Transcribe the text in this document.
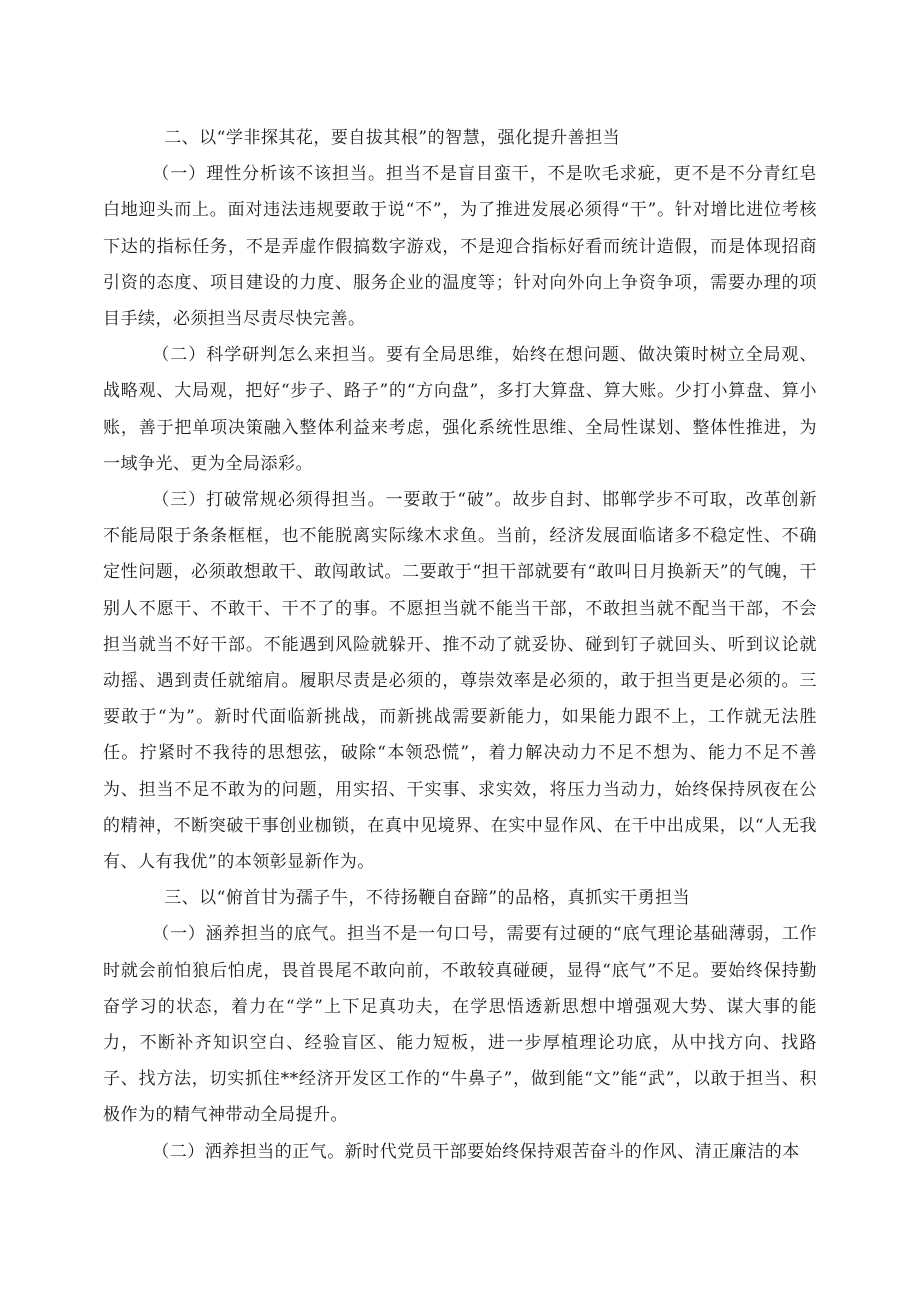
二、以“学非探其花，要自拔其根”的智慧，强化提升善担当

（一）理性分析该不该担当。担当不是盲目蛮干，不是吹毛求疵，更不是不分青红皂白地迎头而上。面对违法违规要敢于说“不”，为了推进发展必须得“干”。针对增比进位考核下达的指标任务，不是弄虚作假搞数字游戏，不是迎合指标好看而统计造假，而是体现招商引资的态度、项目建设的力度、服务企业的温度等；针对向外向上争资争项，需要办理的项目手续，必须担当尽责尽快完善。

（二）科学研判怎么来担当。要有全局思维，始终在想问题、做决策时树立全局观、战略观、大局观，把好“步子、路子”的“方向盘”，多打大算盘、算大账。少打小算盘、算小账，善于把单项决策融入整体利益来考虑，强化系统性思维、全局性谋划、整体性推进，为一域争光、更为全局添彩。

（三）打破常规必须得担当。一要敢于“破”。故步自封、邯郸学步不可取，改革创新不能局限于条条框框，也不能脱离实际缘木求鱼。当前，经济发展面临诸多不稳定性、不确定性问题，必须敢想敢干、敢闯敢试。二要敢于“担干部就要有“敢叫日月换新天”的气魄，干别人不愿干、不敢干、干不了的事。不愿担当就不能当干部，不敢担当就不配当干部，不会担当就当不好干部。不能遇到风险就躲开、推不动了就妥协、碰到钉子就回头、听到议论就动摇、遇到责任就缩肩。履职尽责是必须的，尊崇效率是必须的，敢于担当更是必须的。三要敢于“为”。新时代面临新挑战，而新挑战需要新能力，如果能力跟不上，工作就无法胜任。拧紧时不我待的思想弦，破除“本领恐慌”，着力解决动力不足不想为、能力不足不善为、担当不足不敢为的问题，用实招、干实事、求实效，将压力当动力，始终保持夙夜在公的精神，不断突破干事创业枷锁，在真中见境界、在实中显作风、在干中出成果，以“人无我有、人有我优”的本领彰显新作为。

三、以“俯首甘为孺子牛，不待扬鞭自奋蹄”的品格，真抓实干勇担当

（一）涵养担当的底气。担当不是一句口号，需要有过硬的“底气理论基础薄弱，工作时就会前怕狼后怕虎，畏首畏尾不敢向前，不敢较真碰硬，显得“底气”不足。要始终保持勤奋学习的状态，着力在“学”上下足真功夫，在学思悟透新思想中增强观大势、谋大事的能力，不断补齐知识空白、经验盲区、能力短板，进一步厚植理论功底，从中找方向、找路子、找方法，切实抓住**经济开发区工作的“牛鼻子”，做到能“文”能“武”，以敢于担当、积极作为的精气神带动全局提升。

（二）洒养担当的正气。新时代党员干部要始终保持艰苦奋斗的作风、清正廉洁的本
